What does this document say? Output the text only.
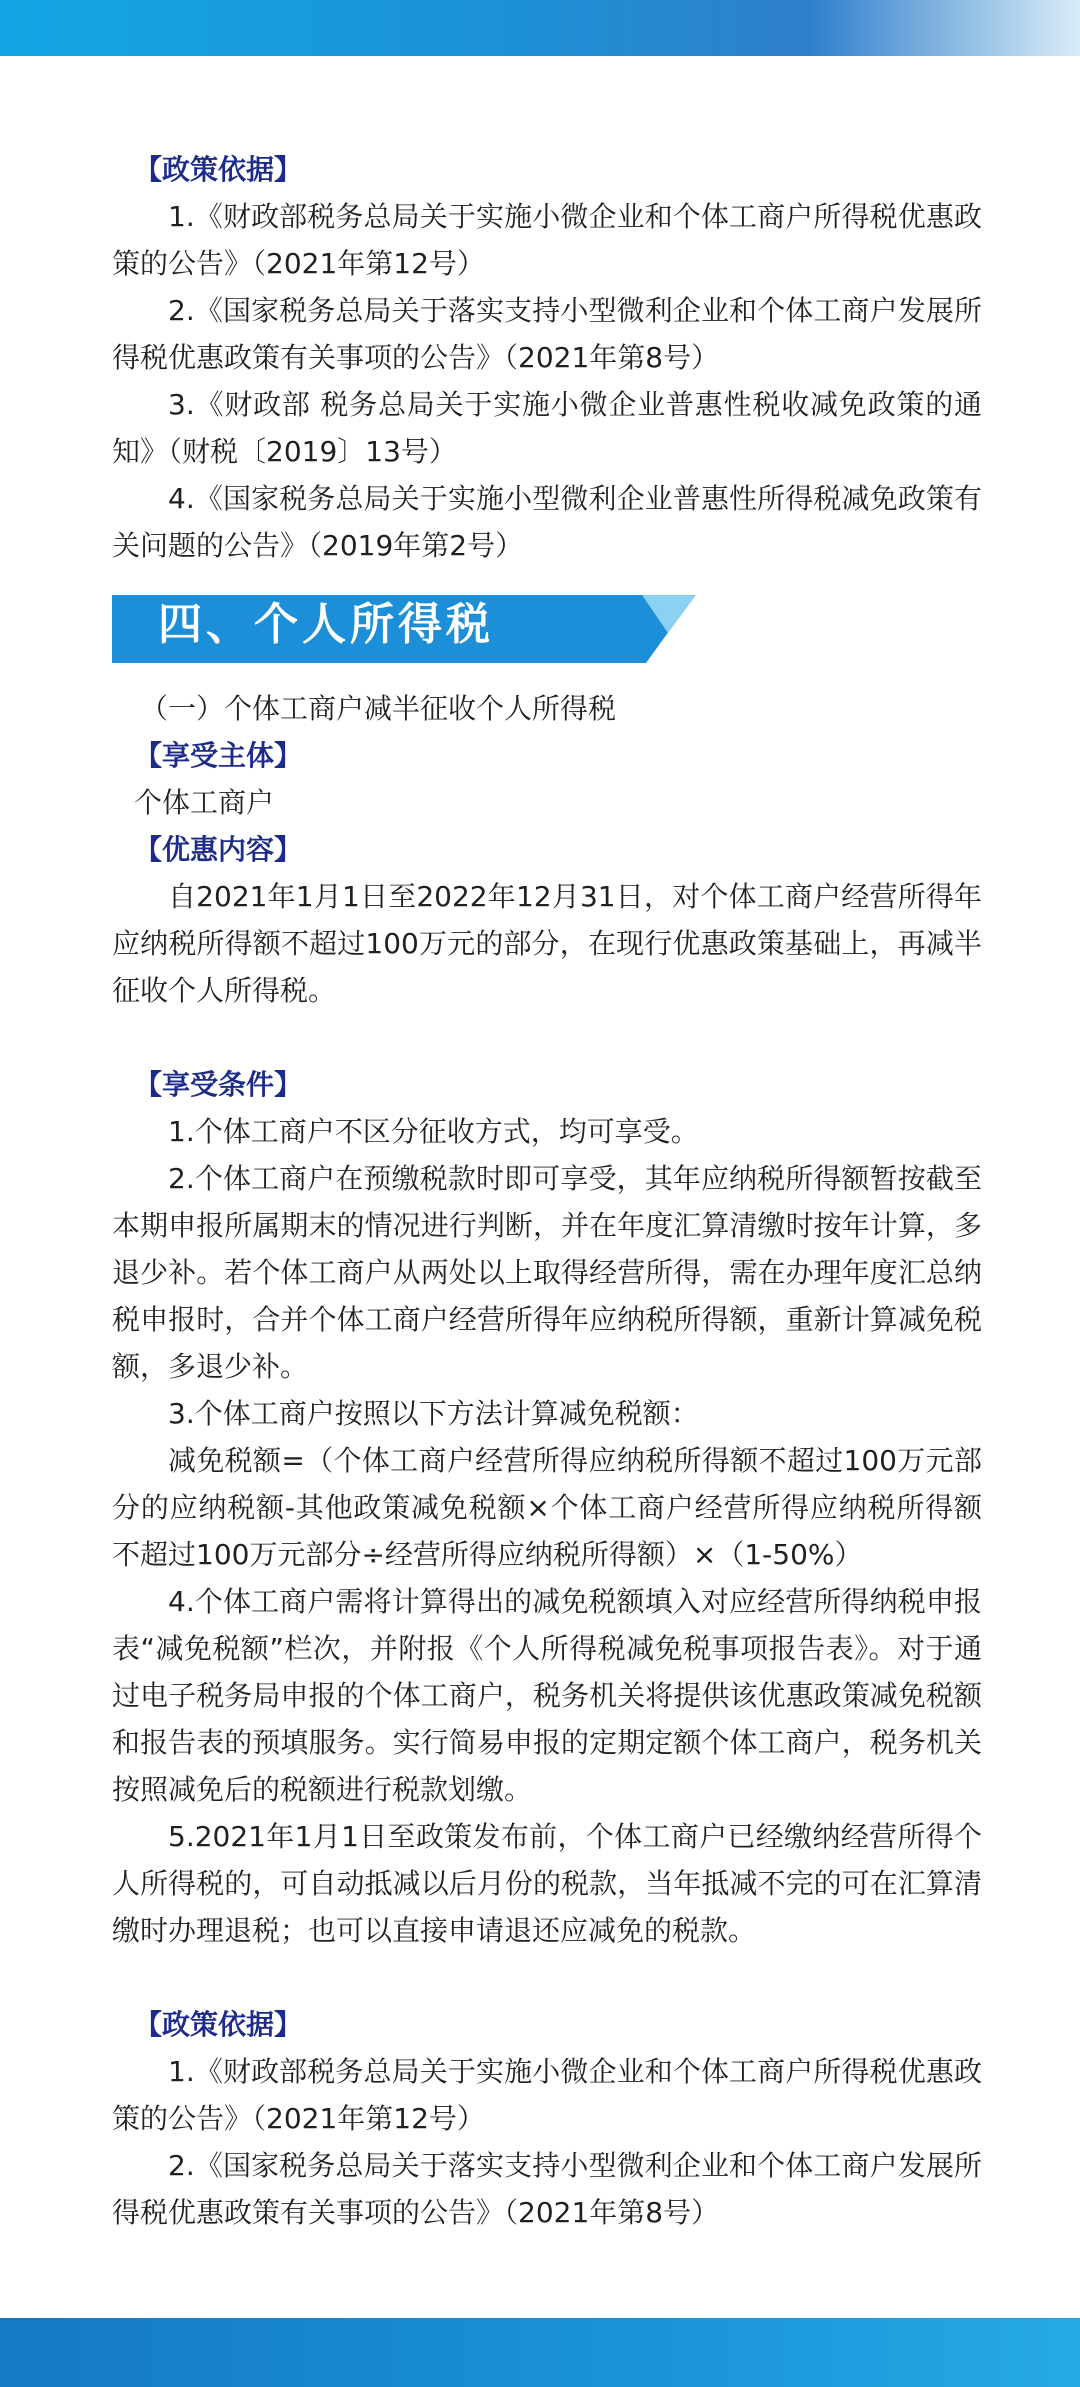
【政策依据】

1.《财政部税务总局关于实施小微企业和个体工商户所得税优惠政策的公告》（2021年第12号）

2.《国家税务总局关于落实支持小型微利企业和个体工商户发展所得税优惠政策有关事项的公告》（2021年第8号）

3.《财政部 税务总局关于实施小微企业普惠性税收减免政策的通知》（财税〔2019〕13号）

4.《国家税务总局关于实施小型微利企业普惠性所得税减免政策有关问题的公告》（2019年第2号）

四、个人所得税

（一）个体工商户减半征收个人所得税

【享受主体】

个体工商户

【优惠内容】

自2021年1月1日至2022年12月31日，对个体工商户经营所得年应纳税所得额不超过100万元的部分，在现行优惠政策基础上，再减半征收个人所得税。

【享受条件】

1.个体工商户不区分征收方式，均可享受。

2.个体工商户在预缴税款时即可享受，其年应纳税所得额暂按截至本期申报所属期末的情况进行判断，并在年度汇算清缴时按年计算，多退少补。若个体工商户从两处以上取得经营所得，需在办理年度汇总纳税申报时，合并个体工商户经营所得年应纳税所得额，重新计算减免税额，多退少补。

3.个体工商户按照以下方法计算减免税额：

减免税额=（个体工商户经营所得应纳税所得额不超过100万元部分的应纳税额-其他政策减免税额×个体工商户经营所得应纳税所得额不超过100万元部分÷经营所得应纳税所得额）×（1-50%）

4.个体工商户需将计算得出的减免税额填入对应经营所得纳税申报表“减免税额”栏次，并附报《个人所得税减免税事项报告表》。对于通过电子税务局申报的个体工商户，税务机关将提供该优惠政策减免税额和报告表的预填服务。实行简易申报的定期定额个体工商户，税务机关按照减免后的税额进行税款划缴。

5.2021年1月1日至政策发布前，个体工商户已经缴纳经营所得个人所得税的，可自动抵减以后月份的税款，当年抵减不完的可在汇算清缴时办理退税；也可以直接申请退还应减免的税款。

【政策依据】

1.《财政部税务总局关于实施小微企业和个体工商户所得税优惠政策的公告》（2021年第12号）

2.《国家税务总局关于落实支持小型微利企业和个体工商户发展所得税优惠政策有关事项的公告》（2021年第8号）
